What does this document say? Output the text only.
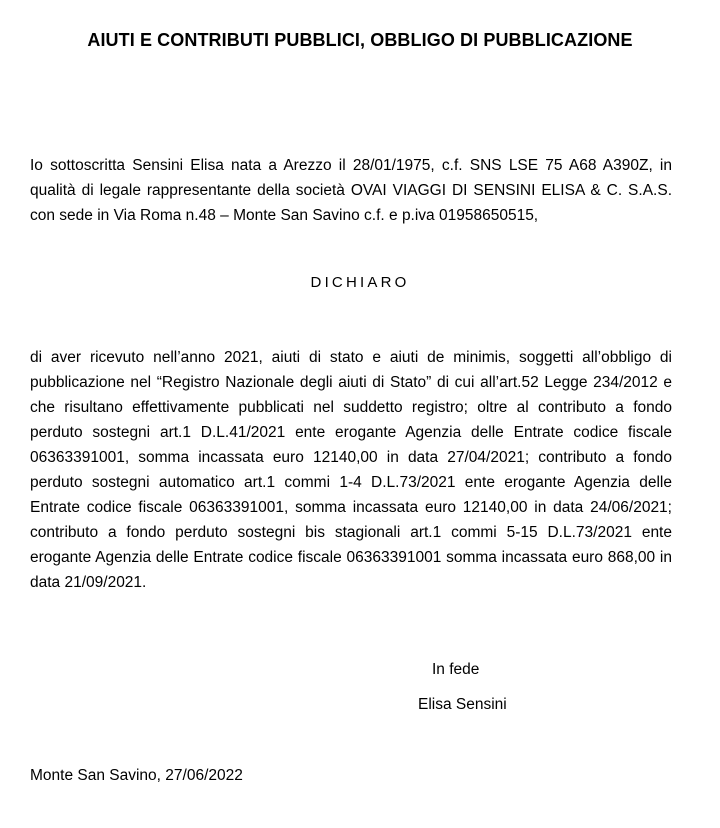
AIUTI E CONTRIBUTI PUBBLICI, OBBLIGO DI PUBBLICAZIONE
Io sottoscritta Sensini Elisa nata a Arezzo il 28/01/1975, c.f. SNS LSE 75 A68 A390Z, in qualità di legale rappresentante della società OVAI VIAGGI DI SENSINI ELISA & C. S.A.S. con sede in Via Roma n.48 – Monte San Savino c.f. e p.iva 01958650515,
DICHIARO
di aver ricevuto nell’anno 2021, aiuti di stato e aiuti de minimis, soggetti all’obbligo di pubblicazione nel “Registro Nazionale degli aiuti di Stato” di cui all’art.52 Legge 234/2012 e che risultano effettivamente pubblicati nel suddetto registro; oltre al contributo a fondo perduto sostegni art.1 D.L.41/2021 ente erogante Agenzia delle Entrate codice fiscale 06363391001, somma incassata euro 12140,00 in data 27/04/2021; contributo a fondo perduto sostegni automatico art.1 commi 1-4 D.L.73/2021 ente erogante Agenzia delle Entrate codice fiscale 06363391001, somma incassata euro 12140,00 in data 24/06/2021; contributo a fondo perduto sostegni bis stagionali art.1 commi 5-15 D.L.73/2021 ente erogante Agenzia delle Entrate codice fiscale 06363391001 somma incassata euro 868,00 in data 21/09/2021.
In fede
Elisa Sensini
Monte San Savino, 27/06/2022
